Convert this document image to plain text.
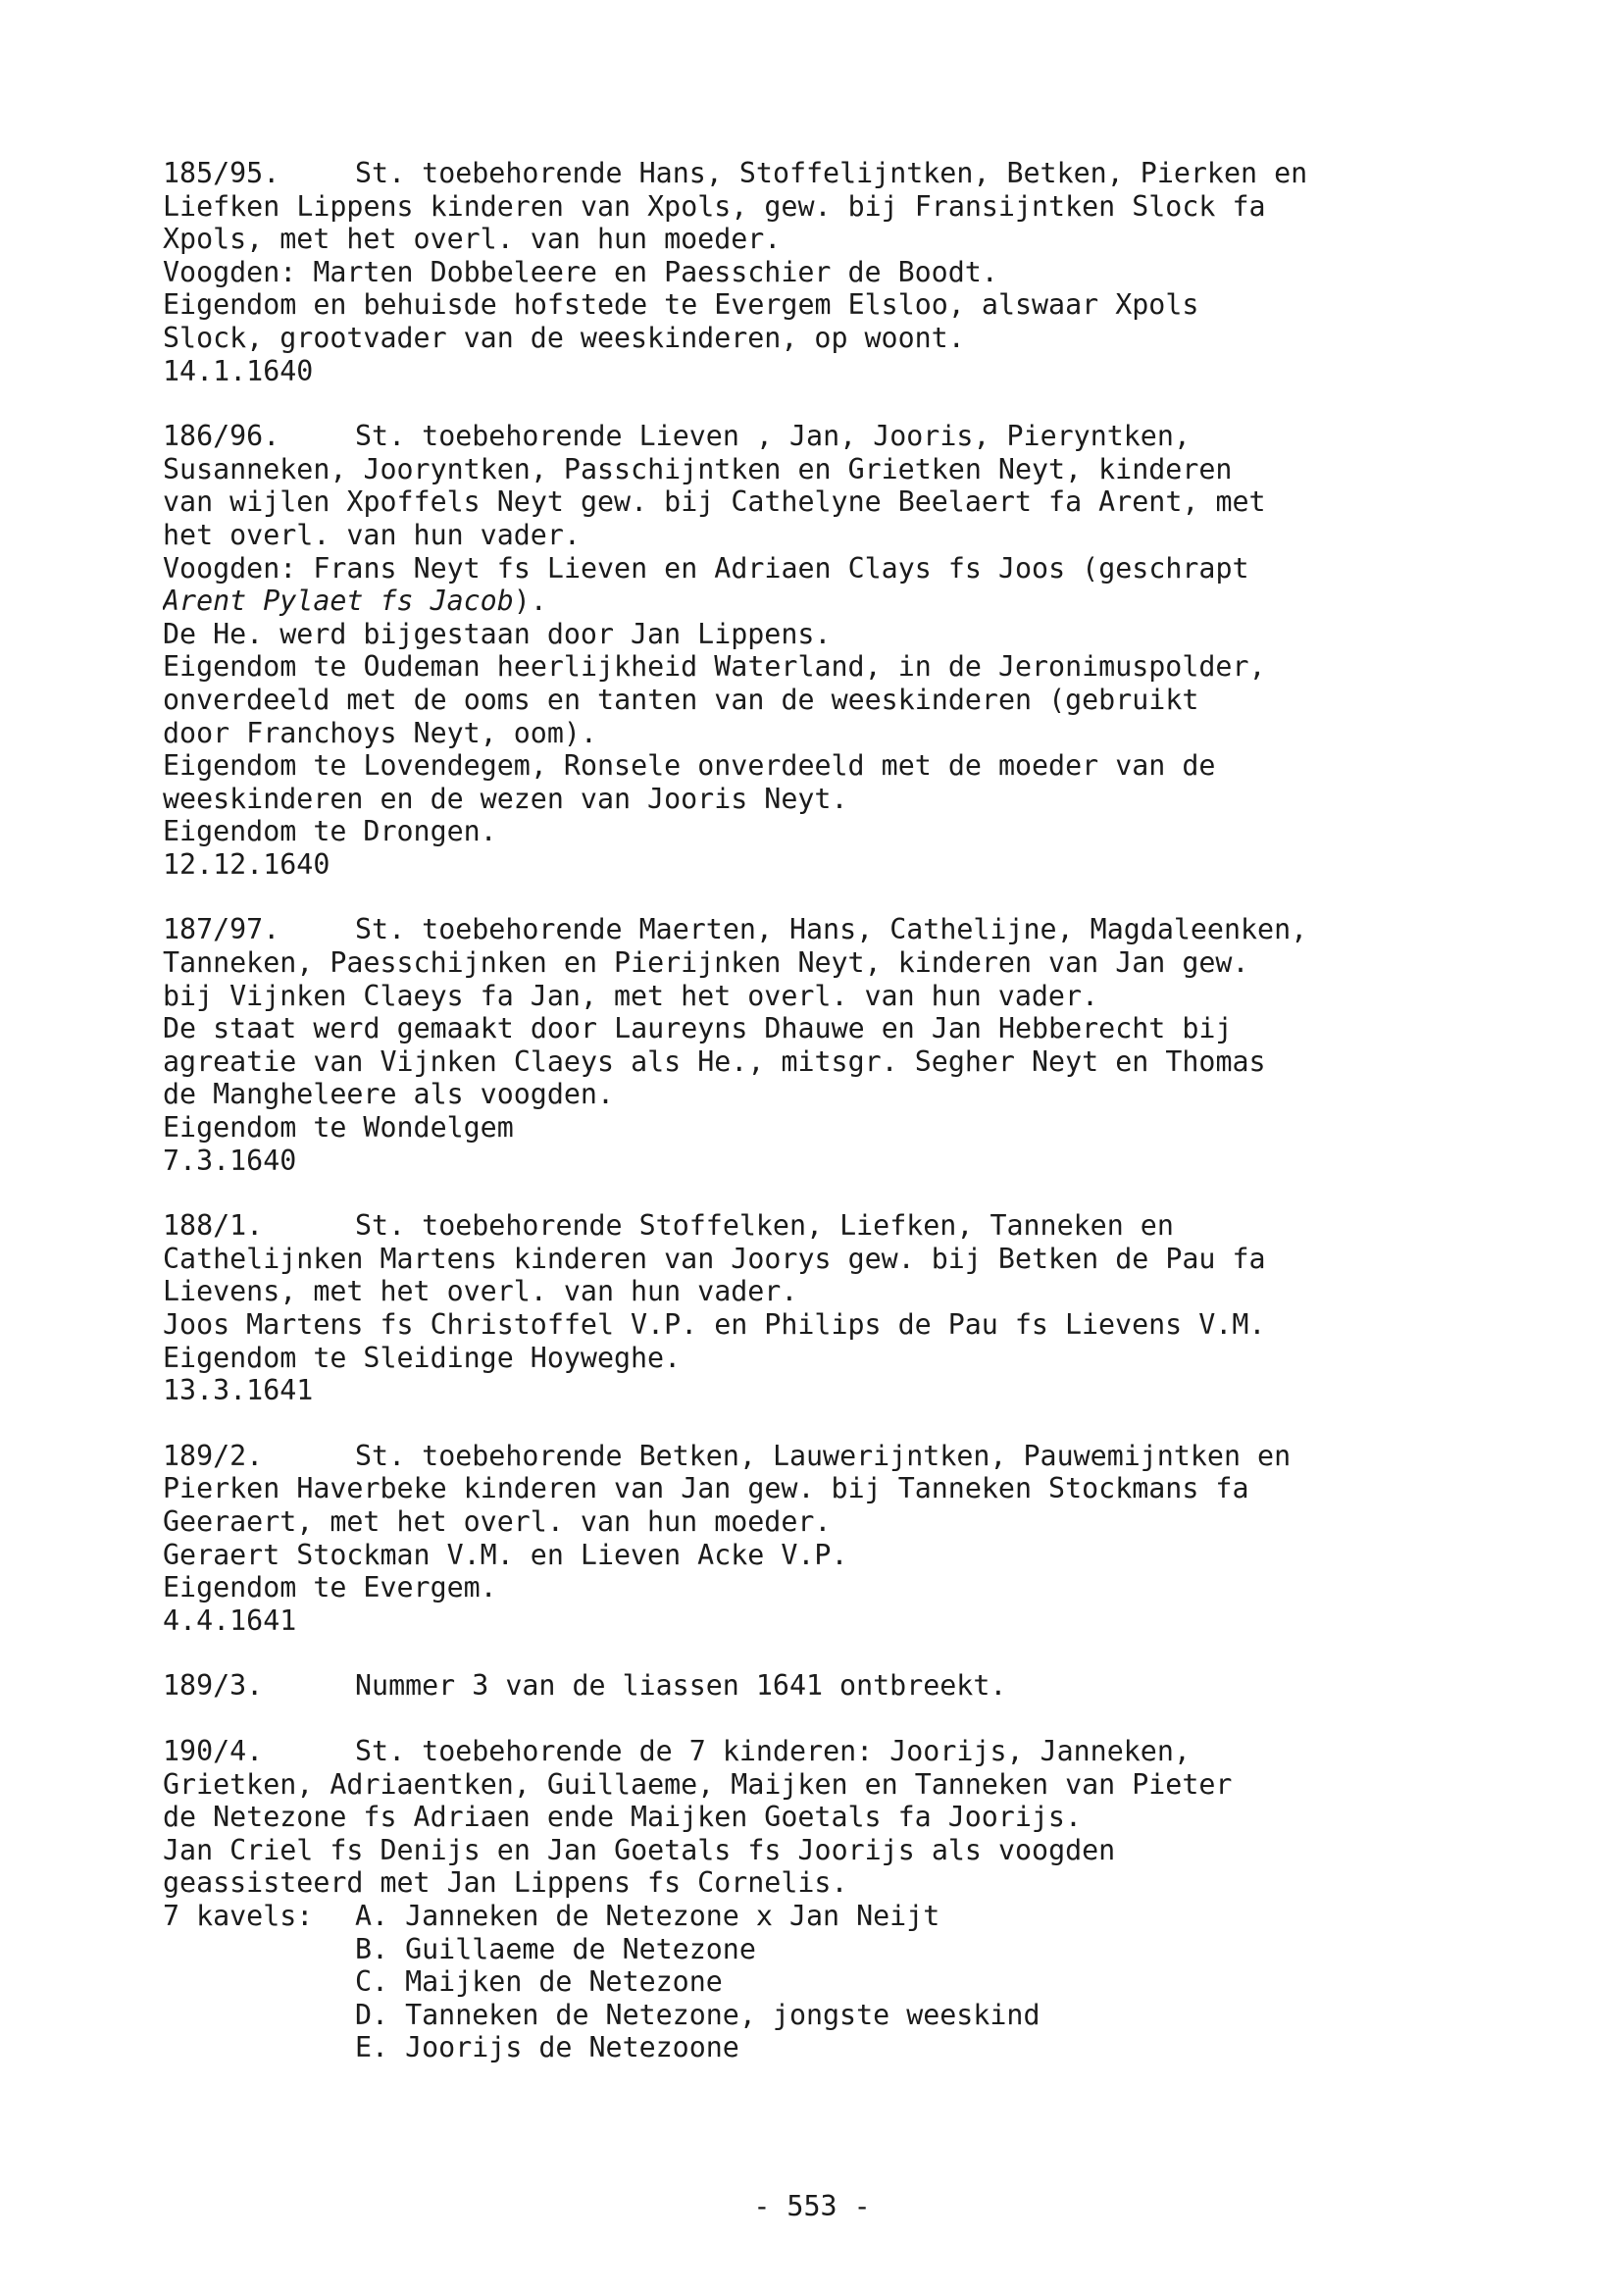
185/95.	St. toebehorende Hans, Stoffelijntken, Betken, Pierken en
Liefken Lippens kinderen van Xpols, gew. bij Fransijntken Slock fa
Xpols, met het overl. van hun moeder.
Voogden: Marten Dobbeleere en Paesschier de Boodt.
Eigendom en behuisde hofstede te Evergem Elsloo, alswaar Xpols
Slock, grootvader van de weeskinderen, op woont.
14.1.1640
186/96.	St. toebehorende Lieven , Jan, Jooris, Pieryntken,
Susanneken, Jooryntken, Passchijntken en Grietken Neyt, kinderen
van wijlen Xpoffels Neyt gew. bij Cathelyne Beelaert fa Arent, met
het overl. van hun vader.
Voogden: Frans Neyt fs Lieven en Adriaen Clays fs Joos (geschrapt
Arent Pylaet fs Jacob).
De He. werd bijgestaan door Jan Lippens.
Eigendom te Oudeman heerlijkheid Waterland, in de Jeronimuspolder,
onverdeeld met de ooms en tanten van de weeskinderen (gebruikt
door Franchoys Neyt, oom).
Eigendom te Lovendegem, Ronsele onverdeeld met de moeder van de
weeskinderen en de wezen van Jooris Neyt.
Eigendom te Drongen.
12.12.1640
187/97.	St. toebehorende Maerten, Hans, Cathelijne, Magdaleenken,
Tanneken, Paesschijnken en Pierijnken Neyt, kinderen van Jan gew.
bij Vijnken Claeys fa Jan, met het overl. van hun vader.
De staat werd gemaakt door Laureyns Dhauwe en Jan Hebberecht bij
agreatie van Vijnken Claeys als He., mitsgr. Segher Neyt en Thomas
de Mangheleere als voogden.
Eigendom te Wondelgem
7.3.1640
188/1.	St. toebehorende Stoffelken, Liefken, Tanneken en
Cathelijnken Martens kinderen van Joorys gew. bij Betken de Pau fa
Lievens, met het overl. van hun vader.
Joos Martens fs Christoffel V.P. en Philips de Pau fs Lievens V.M.
Eigendom te Sleidinge Hoyweghe.
13.3.1641
189/2.	St. toebehorende Betken, Lauwerijntken, Pauwemijntken en
Pierken Haverbeke kinderen van Jan gew. bij Tanneken Stockmans fa
Geeraert, met het overl. van hun moeder.
Geraert Stockman V.M. en Lieven Acke V.P.
Eigendom te Evergem.
4.4.1641
189/3.	Nummer 3 van de liassen 1641 ontbreekt.
190/4.	St. toebehorende de 7 kinderen: Joorijs, Janneken,
Grietken, Adriaentken, Guillaeme, Maijken en Tanneken van Pieter
de Netezone fs Adriaen ende Maijken Goetals fa Joorijs.
Jan Criel fs Denijs en Jan Goetals fs Joorijs als voogden
geassisteerd met Jan Lippens fs Cornelis.
7 kavels: A. Janneken de Netezone x Jan Neijt
B. Guillaeme de Netezone
C. Maijken de Netezone
D. Tanneken de Netezone, jongste weeskind
E. Joorijs de Netezoone
- 553 -
